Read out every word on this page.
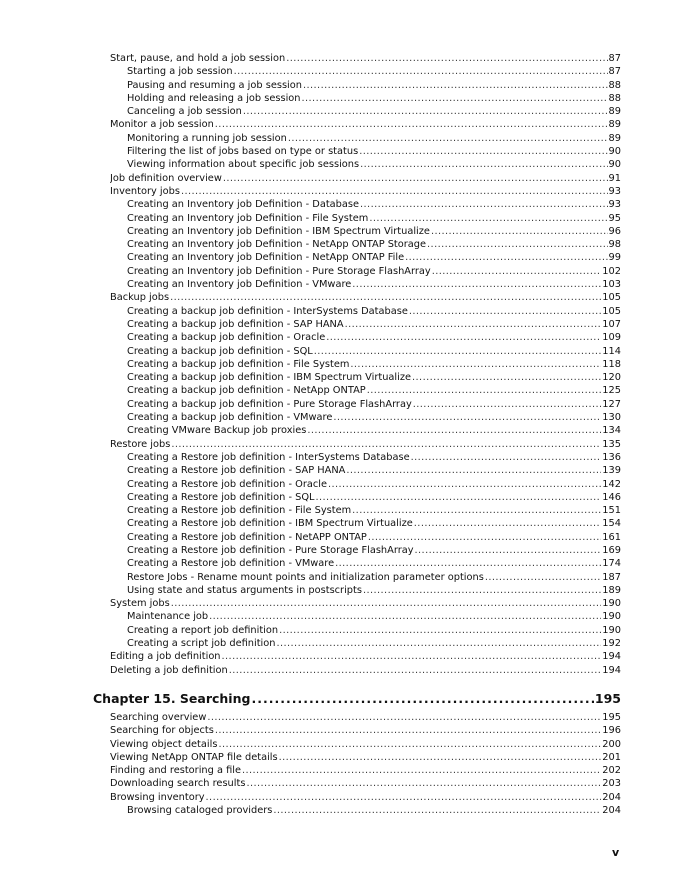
Start, pause, and hold a job session .....	87
Starting a job session .....	87
Pausing and resuming a job session .....	88
Holding and releasing a job session .....	88
Canceling a job session .....	89
Monitor a job session .....	89
Monitoring a running job session .....	89
Filtering the list of jobs based on type or status .....	90
Viewing information about specific job sessions .....	90
Job definition overview .....	91
Inventory jobs .....	93
Creating an Inventory job Definition - Database .....	93
Creating an Inventory job Definition - File System .....	95
Creating an Inventory job Definition - IBM Spectrum Virtualize .....	96
Creating an Inventory job Definition - NetApp ONTAP Storage .....	98
Creating an Inventory job Definition - NetApp ONTAP File .....	99
Creating an Inventory job Definition - Pure Storage FlashArray .....	102
Creating an Inventory job Definition - VMware .....	103
Backup jobs .....	105
Creating a backup job definition - InterSystems Database .....	105
Creating a backup job definition - SAP HANA .....	107
Creating a backup job definition - Oracle .....	109
Creating a backup job definition - SQL .....	114
Creating a backup job definition - File System .....	118
Creating a backup job definition - IBM Spectrum Virtualize .....	120
Creating a backup job definition - NetApp ONTAP .....	125
Creating a backup job definition - Pure Storage FlashArray .....	127
Creating a backup job definition - VMware .....	130
Creating VMware Backup job proxies .....	134
Restore jobs .....	135
Creating a Restore job definition - InterSystems Database .....	136
Creating a Restore job definition - SAP HANA .....	139
Creating a Restore job definition - Oracle .....	142
Creating a Restore job definition - SQL .....	146
Creating a Restore job definition - File System .....	151
Creating a Restore job definition - IBM Spectrum Virtualize .....	154
Creating a Restore job definition - NetAPP ONTAP .....	161
Creating a Restore job definition - Pure Storage FlashArray .....	169
Creating a Restore job definition - VMware .....	174
Restore Jobs - Rename mount points and initialization parameter options .....	187
Using state and status arguments in postscripts .....	189
System jobs .....	190
Maintenance job .....	190
Creating a report job definition .....	190
Creating a script job definition .....	192
Editing a job definition .....	194
Deleting a job definition .....	194
Chapter 15. Searching .....	195
Searching overview .....	195
Searching for objects .....	196
Viewing object details .....	200
Viewing NetApp ONTAP file details .....	201
Finding and restoring a file .....	202
Downloading search results .....	203
Browsing inventory .....	204
Browsing cataloged providers .....	204
v
